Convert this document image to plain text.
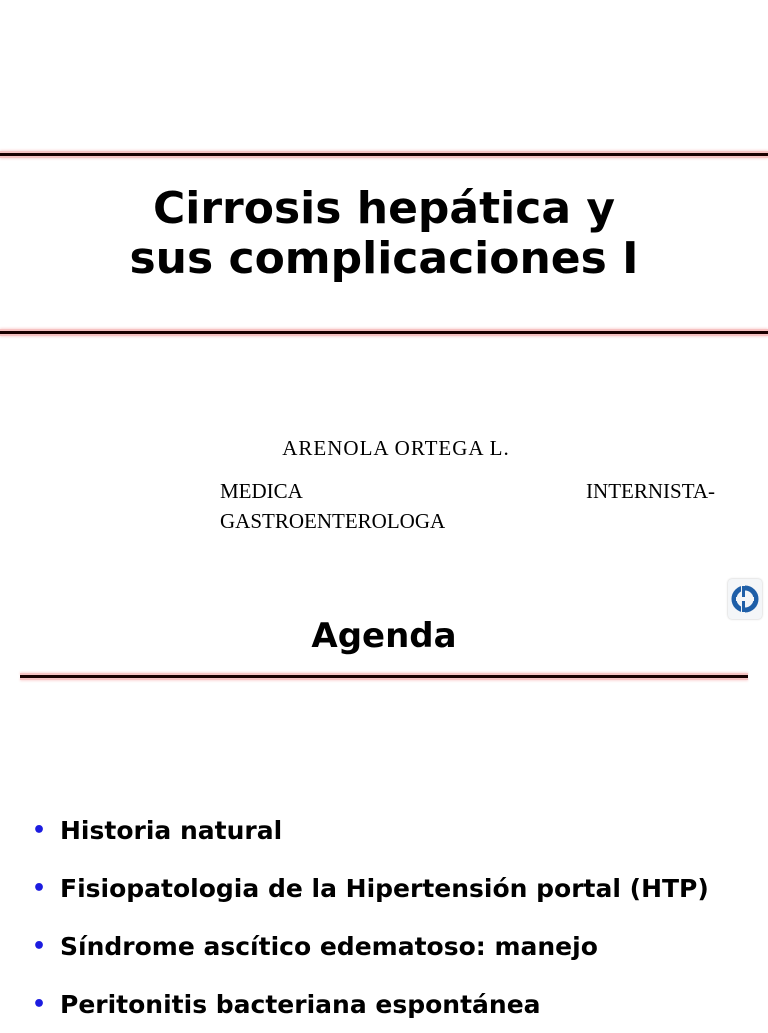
Cirrosis hepática y
sus complicaciones I
ARENOLA ORTEGA L.
MEDICA	INTERNISTA-
GASTROENTEROLOGA
Agenda
• Historia natural
• Fisiopatologia de la Hipertensión portal (HTP)
• Síndrome ascítico edematoso: manejo
• Peritonitis bacteriana espontánea
